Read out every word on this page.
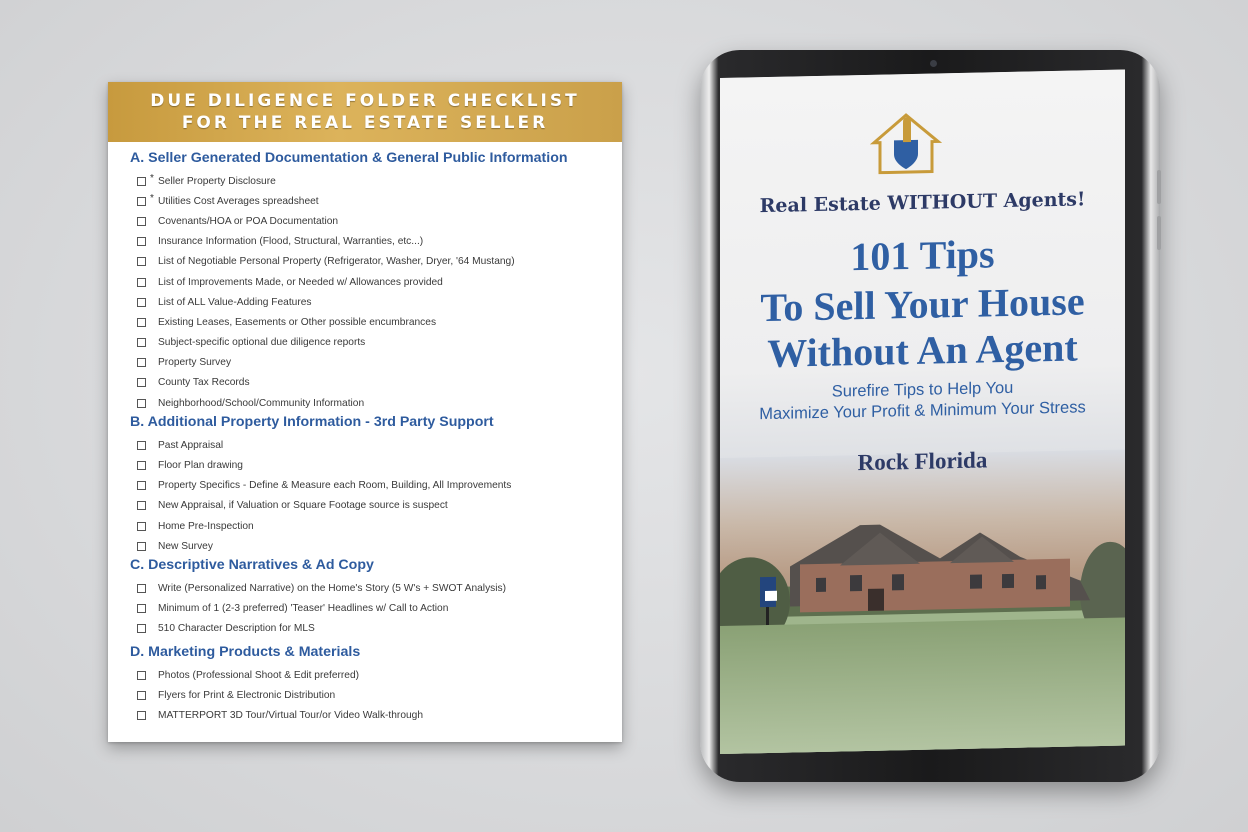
DUE DILIGENCE FOLDER CHECKLIST
FOR THE REAL ESTATE SELLER
A. Seller Generated Documentation & General Public Information
* Seller Property Disclosure
* Utilities Cost Averages spreadsheet
Covenants/HOA or POA Documentation
Insurance Information (Flood, Structural, Warranties, etc...)
List of Negotiable Personal Property (Refrigerator, Washer, Dryer, '64 Mustang)
List of Improvements Made, or Needed w/ Allowances provided
List of ALL Value-Adding Features
Existing Leases, Easements or Other possible encumbrances
Subject-specific optional due diligence reports
Property Survey
County Tax Records
Neighborhood/School/Community Information
B. Additional Property Information - 3rd Party Support
Past Appraisal
Floor Plan drawing
Property Specifics - Define & Measure each Room, Building, All Improvements
New Appraisal, if Valuation or Square Footage source is suspect
Home Pre-Inspection
New Survey
C. Descriptive Narratives & Ad Copy
Write (Personalized Narrative) on the Home's Story (5 W's + SWOT Analysis)
Minimum of 1 (2-3 preferred) 'Teaser' Headlines w/ Call to Action
510 Character Description for MLS
D. Marketing Products & Materials
Photos (Professional Shoot & Edit preferred)
Flyers for Print & Electronic Distribution
MATTERPORT 3D Tour/Virtual Tour/or Video Walk-through
Real Estate WITHOUT Agents!
101 Tips
To Sell Your House
Without An Agent
Surefire Tips to Help You
Maximize Your Profit & Minimum Your Stress
Rock Florida
